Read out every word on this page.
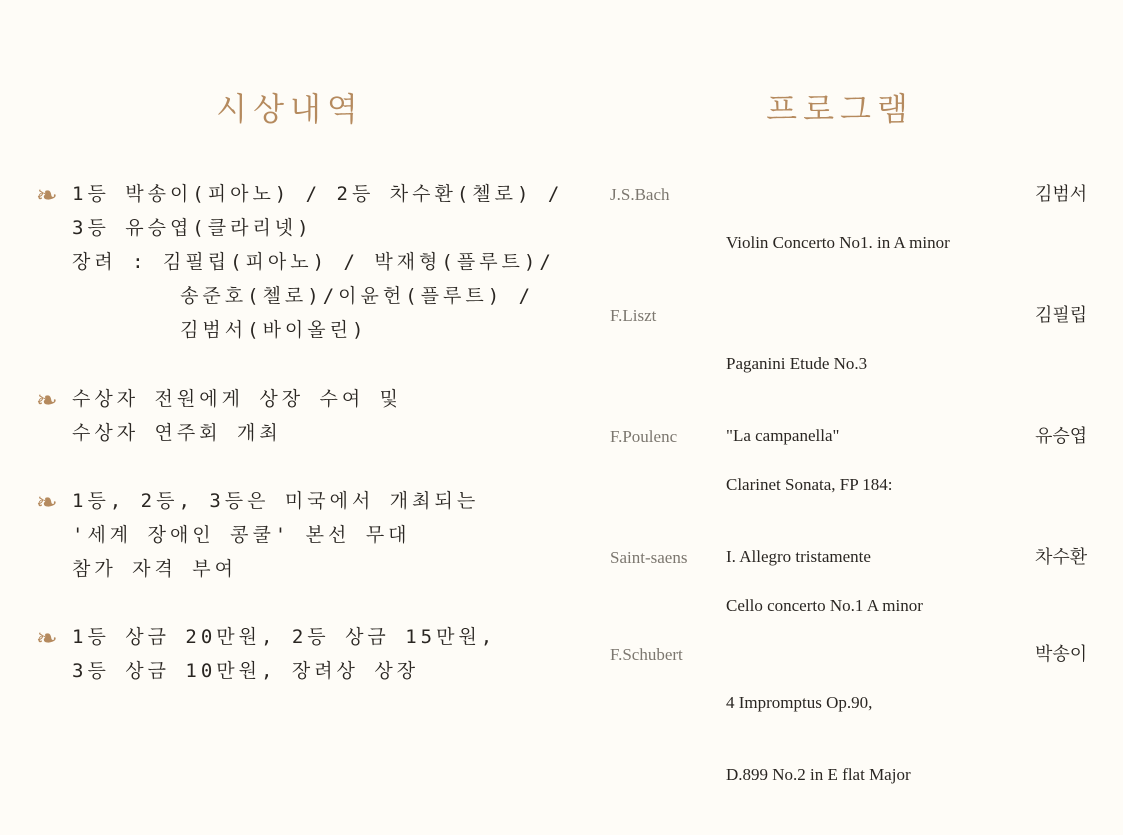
시상내역	프로그램
❧ 1등 박송이(피아노) / 2등 차수환(첼로) /
3등 유승엽(클라리넷)
장려 : 김필립(피아노) / 박재형(플루트)/
송준호(첼로)/이윤헌(플루트) /
김범서(바이올린)
❧ 수상자 전원에게 상장 수여 및
수상자 연주회 개최
❧ 1등, 2등, 3등은 미국에서 개최되는
'세계 장애인 콩쿨' 본선 무대
참가 자격 부여
❧ 1등 상금 20만원, 2등 상금 15만원,
3등 상금 10만원, 장려상 상장
J.S.Bach

Violin Concerto No1. in A minor

김범서
F.Liszt

Paganini Etude No.3

"La campanella"

김필립
F.Poulenc

Clarinet Sonata, FP 184:

I. Allegro tristamente

유승엽
Saint-saens

Cello concerto No.1 A minor

차수환
F.Schubert

4 Impromptus Op.90,

D.899 No.2 in E flat Major

박송이
